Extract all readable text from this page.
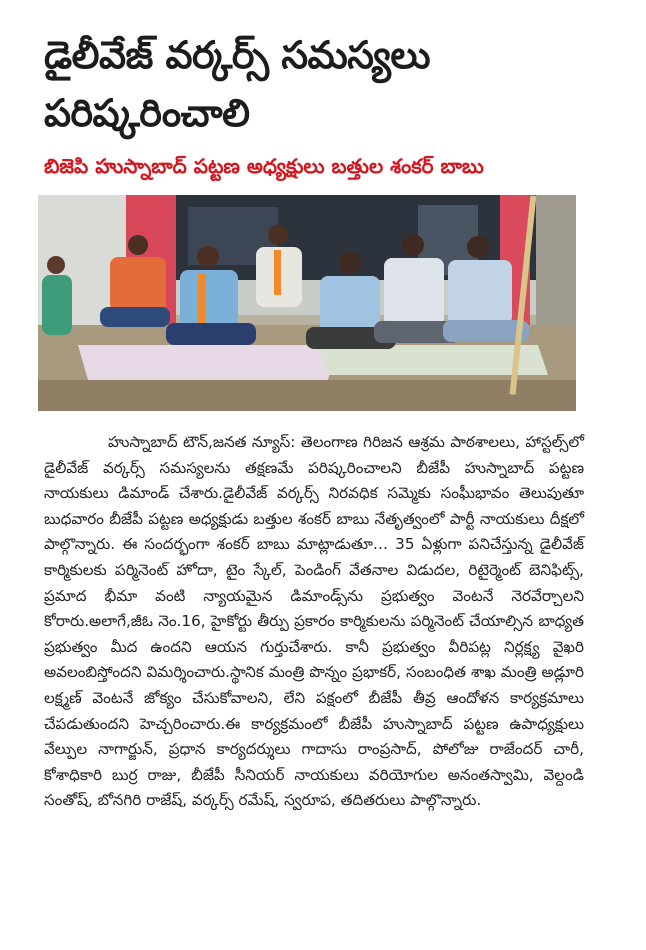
డైలీవేజ్ వర్కర్స్ సమస్యలు
పరిష్కరించాలి
బిజెపి హుస్నాబాద్ పట్టణ అధ్యక్షులు బత్తుల శంకర్ బాబు

హుస్నాబాద్ టౌన్,జనత న్యూస్: తెలంగాణ గిరిజన ఆశ్రమ పాఠశాలలు, హాస్టల్స్‌లో డైలీవేజ్ వర్కర్స్ సమస్యలను తక్షణమే పరిష్కరించాలని బీజేపీ హుస్నాబాద్ పట్టణ నాయకులు డిమాండ్ చేశారు.డైలీవేజ్ వర్కర్స్ నిరవధిక సమ్మెకు సంఘీభావం తెలుపుతూ బుధవారం బీజేపీ పట్టణ అధ్యక్షుడు బత్తుల శంకర్ బాబు నేతృత్వంలో పార్టీ నాయకులు దీక్షలో పాల్గొన్నారు. ఈ సందర్భంగా శంకర్ బాబు మాట్లాడుతూ… 35 ఏళ్లుగా పనిచేస్తున్న డైలీవేజ్ కార్మికులకు పర్మినెంట్ హోదా, టైం స్కేల్, పెండింగ్ వేతనాల విడుదల, రిటైర్మెంట్ బెనిఫిట్స్, ప్రమాద భీమా వంటి న్యాయమైన డిమాండ్స్‌ను ప్రభుత్వం వెంటనే నెరవేర్చాలని కోరారు.అలాగే,జీఓ నెం.16, హైకోర్టు తీర్పు ప్రకారం కార్మికులను పర్మినెంట్ చేయాల్సిన బాధ్యత ప్రభుత్వం మీద ఉందని ఆయన గుర్తుచేశారు. కానీ ప్రభుత్వం వీరిపట్ల నిర్లక్ష్య వైఖరి అవలంబిస్తోందని విమర్శించారు.స్థానిక మంత్రి పొన్నం ప్రభాకర్, సంబంధిత శాఖ మంత్రి అడ్లూరి లక్ష్మణ్ వెంటనే జోక్యం చేసుకోవాలని, లేని పక్షంలో బీజేపీ తీవ్ర ఆందోళన కార్యక్రమాలు చేపడుతుందని హెచ్చరించారు.ఈ కార్యక్రమంలో బీజేపీ హుస్నాబాద్ పట్టణ ఉపాధ్యక్షులు వేల్పుల నాగార్జున్, ప్రధాన కార్యదర్శులు గాదాసు రాంప్రసాద్, పోలోజు రాజేందర్ చారీ, కోశాధికారి బుర్ర రాజు, బీజేపీ సీనియర్ నాయకులు వరియోగుల అనంతస్వామి, వెల్దండి సంతోష్, బోనగిరి రాజేష్, వర్కర్స్ రమేష్, స్వరూప, తదితరులు పాల్గొన్నారు.
